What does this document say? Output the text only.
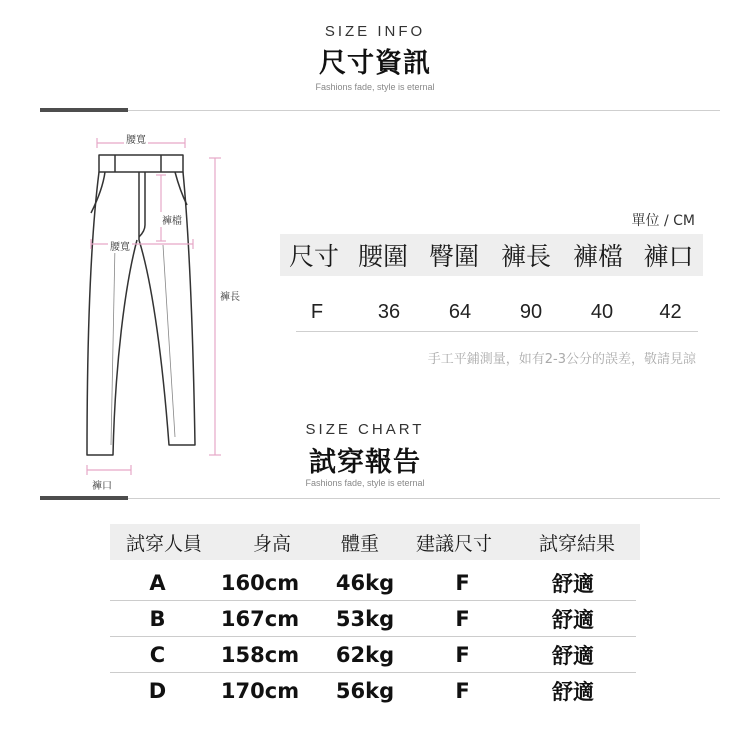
SIZE INFO
尺寸資訊
Fashions fade, style is eternal
腰寬
褲檔
腰寬
褲長
褲口
單位 / CM
尺寸 腰圍 臀圍 褲長 褲檔 褲口
F	36	64	90	40	42
手工平鋪測量，如有2-3公分的誤差，敬請見諒
SIZE CHART
試穿報告
Fashions fade, style is eternal
試穿人員	身高	體重	建議尺寸	試穿結果
A	160cm	46kg	F	舒適
B	167cm	53kg	F	舒適
C	158cm	62kg	F	舒適
D	170cm	56kg	F	舒適
